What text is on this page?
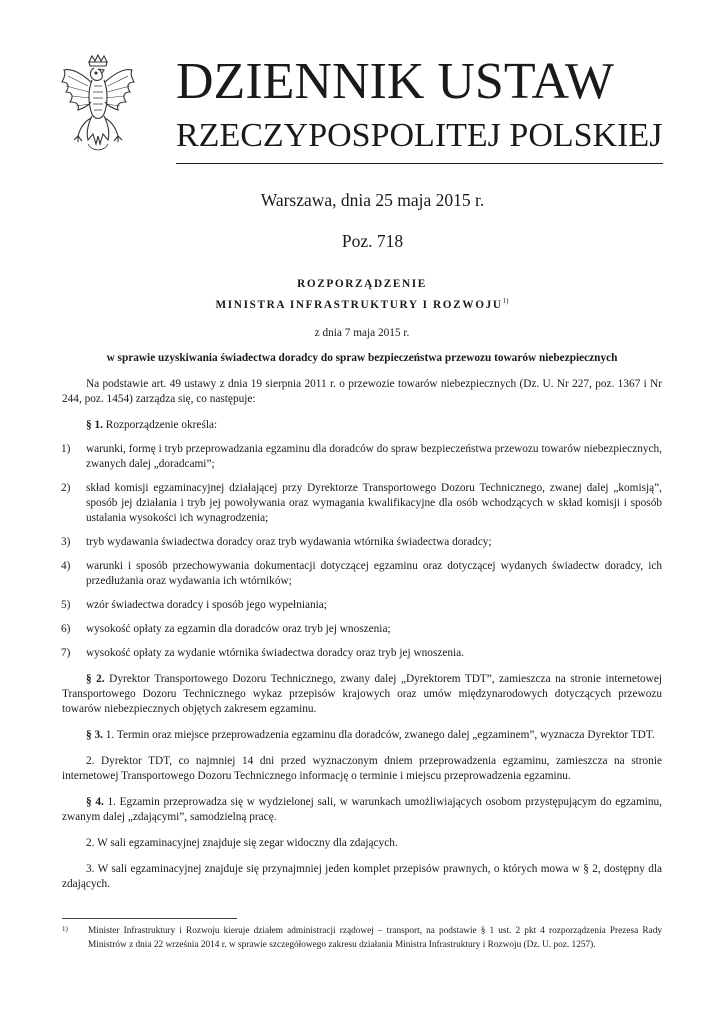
DZIENNIK USTAW
RZECZYPOSPOLITEJ POLSKIEJ
Warszawa, dnia 25 maja 2015 r.
Poz. 718
ROZPORZĄDZENIE
MINISTRA INFRASTRUKTURY I ROZWOJU$^{1)}$
z dnia 7 maja 2015 r.
w sprawie uzyskiwania świadectwa doradcy do spraw bezpieczeństwa przewozu towarów niebezpiecznych

Na podstawie art. 49 ustawy z dnia 19 sierpnia 2011 r. o przewozie towarów niebezpiecznych (Dz. U. Nr 227, poz. 1367 i Nr 244, poz. 1454) zarządza się, co następuje:

§ 1. Rozporządzenie określa:

1) warunki, formę i tryb przeprowadzania egzaminu dla doradców do spraw bezpieczeństwa przewozu towarów niebezpiecznych, zwanych dalej „doradcami”;
2) skład komisji egzaminacyjnej działającej przy Dyrektorze Transportowego Dozoru Technicznego, zwanej dalej „komisją”, sposób jej działania i tryb jej powoływania oraz wymagania kwalifikacyjne dla osób wchodzących w skład komisji i sposób ustalania wysokości ich wynagrodzenia;
3) tryb wydawania świadectwa doradcy oraz tryb wydawania wtórnika świadectwa doradcy;
4) warunki i sposób przechowywania dokumentacji dotyczącej egzaminu oraz dotyczącej wydanych świadectw doradcy, ich przedłużania oraz wydawania ich wtórników;
5) wzór świadectwa doradcy i sposób jego wypełniania;
6) wysokość opłaty za egzamin dla doradców oraz tryb jej wnoszenia;
7) wysokość opłaty za wydanie wtórnika świadectwa doradcy oraz tryb jej wnoszenia.

§ 2. Dyrektor Transportowego Dozoru Technicznego, zwany dalej „Dyrektorem TDT”, zamieszcza na stronie internetowej Transportowego Dozoru Technicznego wykaz przepisów krajowych oraz umów międzynarodowych dotyczących przewozu towarów niebezpiecznych objętych zakresem egzaminu.

§ 3. 1. Termin oraz miejsce przeprowadzenia egzaminu dla doradców, zwanego dalej „egzaminem”, wyznacza Dyrektor TDT.

2. Dyrektor TDT, co najmniej 14 dni przed wyznaczonym dniem przeprowadzenia egzaminu, zamieszcza na stronie internetowej Transportowego Dozoru Technicznego informację o terminie i miejscu przeprowadzenia egzaminu.

§ 4. 1. Egzamin przeprowadza się w wydzielonej sali, w warunkach umożliwiających osobom przystępującym do egzaminu, zwanym dalej „zdającymi”, samodzielną pracę.

2. W sali egzaminacyjnej znajduje się zegar widoczny dla zdających.

3. W sali egzaminacyjnej znajduje się przynajmniej jeden komplet przepisów prawnych, o których mowa w § 2, dostępny dla zdających.

1)	Minister Infrastruktury i Rozwoju kieruje działem administracji rządowej – transport, na podstawie § 1 ust. 2 pkt 4 rozporządzenia Prezesa Rady Ministrów z dnia 22 września 2014 r. w sprawie szczegółowego zakresu działania Ministra Infrastruktury i Rozwoju (Dz. U. poz. 1257).
